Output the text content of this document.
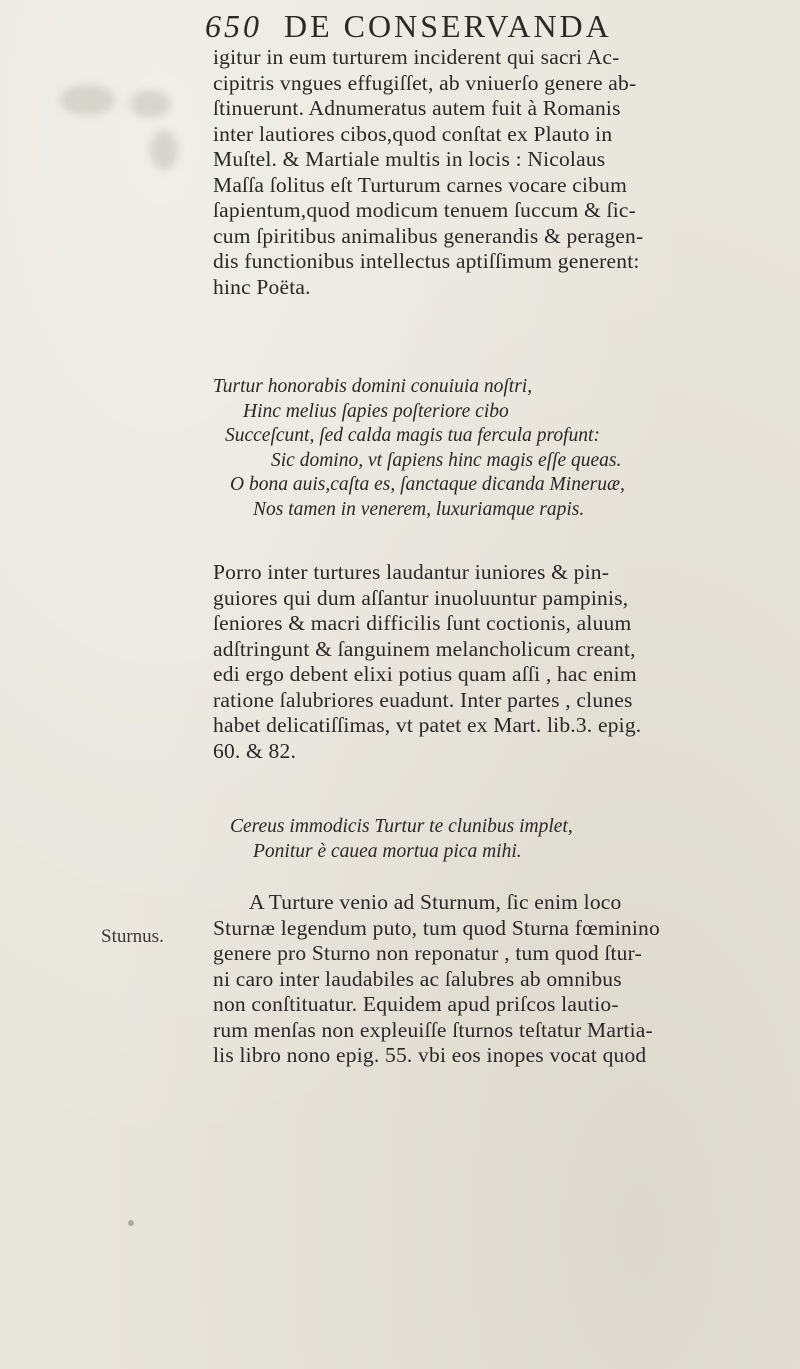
650 DE CONSERVANDA
igitur in eum turturem inciderent qui sacri Ac-
cipitris vngues effugiſſet, ab vniuerſo genere ab-
ſtinuerunt. Adnumeratus autem fuit à Romanis
inter lautiores cibos,quod conſtat ex Plauto in
Muſtel. & Martiale multis in locis : Nicolaus
Maſſa ſolitus eſt Turturum carnes vocare cibum
ſapientum,quod modicum tenuem ſuccum & ſic-
cum ſpiritibus animalibus generandis & peragen-
dis functionibus intellectus aptiſſimum generent:
hinc Poëta.
Turtur honorabis domini conuiuia noſtri,
Hinc melius ſapies poſteriore cibo
Succeſcunt, ſed calda magis tua fercula profunt:
Sic domino, vt ſapiens hinc magis eſſe queas.
O bona auis,caſta es, ſanctaque dicanda Mineruæ,
Nos tamen in venerem, luxuriamque rapis.
Porro inter turtures laudantur iuniores & pin-
guiores qui dum aſſantur inuoluuntur pampinis,
ſeniores & macri difficilis ſunt coctionis, aluum
adſtringunt & ſanguinem melancholicum creant,
edi ergo debent elixi potius quam aſſi , hac enim
ratione ſalubriores euadunt. Inter partes , clunes
habet delicatiſſimas, vt patet ex Mart. lib.3. epig.
60. & 82.
Cereus immodicis Turtur te clunibus implet,
Ponitur è cauea mortua pica mihi.
Sturnus.
A Turture venio ad Sturnum, ſic enim loco
Sturnæ legendum puto, tum quod Sturna fœminino
genere pro Sturno non reponatur , tum quod ſtur-
ni caro inter laudabiles ac ſalubres ab omnibus
non conſtituatur. Equidem apud priſcos lautio-
rum menſas non expleuiſſe ſturnos teſtatur Martia-
lis libro nono epig. 55. vbi eos inopes vocat quod
